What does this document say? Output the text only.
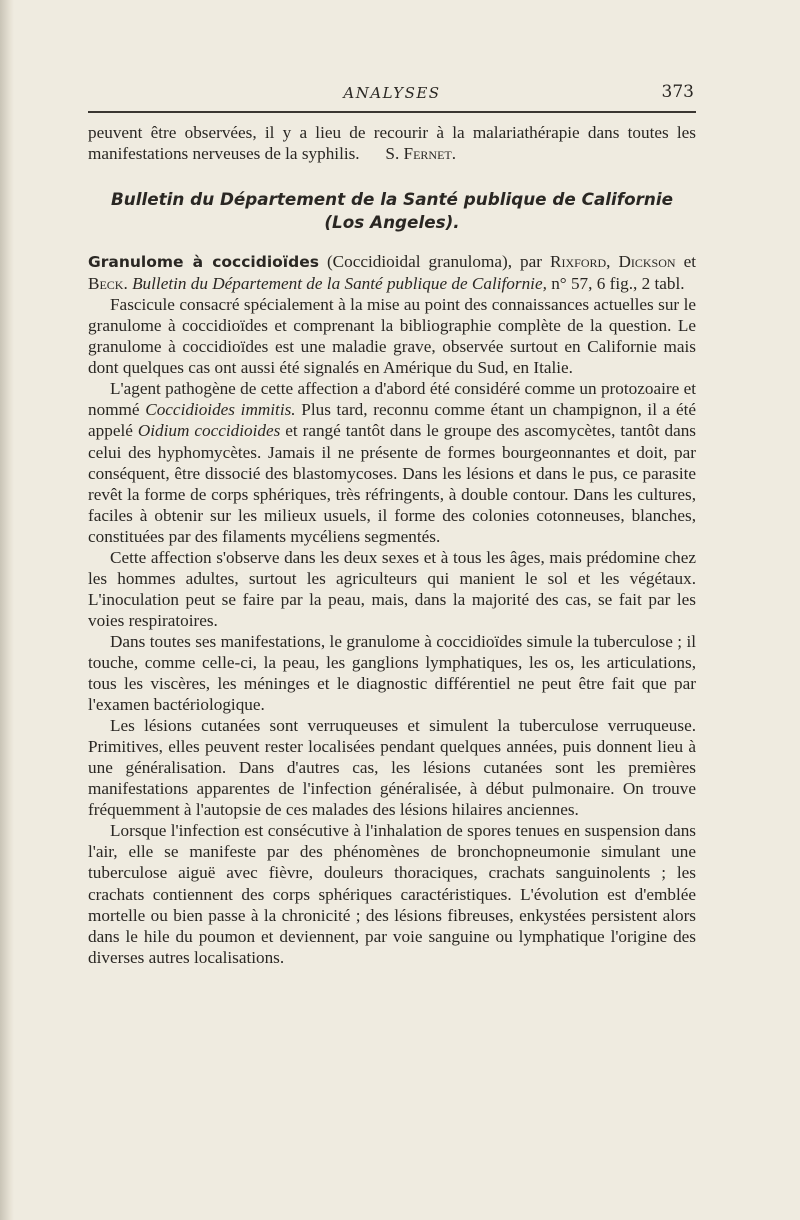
ANALYSES	373

peuvent être observées, il y a lieu de recourir à la malariathérapie dans toutes les manifestations nerveuses de la syphilis. S. Fernet.

Bulletin du Département de la Santé publique de Californie
(Los Angeles).

Granulome à coccidioïdes (Coccidioidal granuloma), par Rixford, Dickson et Beck. Bulletin du Département de la Santé publique de Californie, n° 57, 6 fig., 2 tabl.

Fascicule consacré spécialement à la mise au point des connaissances actuelles sur le granulome à coccidioïdes et comprenant la bibliographie complète de la question. Le granulome à coccidioïdes est une maladie grave, observée surtout en Californie mais dont quelques cas ont aussi été signalés en Amérique du Sud, en Italie.

L'agent pathogène de cette affection a d'abord été considéré comme un protozoaire et nommé Coccidioides immitis. Plus tard, reconnu comme étant un champignon, il a été appelé Oidium coccidioides et rangé tantôt dans le groupe des ascomycètes, tantôt dans celui des hyphomycètes. Jamais il ne présente de formes bourgeonnantes et doit, par conséquent, être dissocié des blastomycoses. Dans les lésions et dans le pus, ce parasite revêt la forme de corps sphériques, très réfringents, à double contour. Dans les cultures, faciles à obtenir sur les milieux usuels, il forme des colonies cotonneuses, blanches, constituées par des filaments mycéliens segmentés.

Cette affection s'observe dans les deux sexes et à tous les âges, mais prédomine chez les hommes adultes, surtout les agriculteurs qui manient le sol et les végétaux. L'inoculation peut se faire par la peau, mais, dans la majorité des cas, se fait par les voies respiratoires.

Dans toutes ses manifestations, le granulome à coccidioïdes simule la tuberculose ; il touche, comme celle-ci, la peau, les ganglions lymphatiques, les os, les articulations, tous les viscères, les méninges et le diagnostic différentiel ne peut être fait que par l'examen bactériologique.

Les lésions cutanées sont verruqueuses et simulent la tuberculose verruqueuse. Primitives, elles peuvent rester localisées pendant quelques années, puis donnent lieu à une généralisation. Dans d'autres cas, les lésions cutanées sont les premières manifestations apparentes de l'infection généralisée, à début pulmonaire. On trouve fréquemment à l'autopsie de ces malades des lésions hilaires anciennes.

Lorsque l'infection est consécutive à l'inhalation de spores tenues en suspension dans l'air, elle se manifeste par des phénomènes de bronchopneumonie simulant une tuberculose aiguë avec fièvre, douleurs thoraciques, crachats sanguinolents ; les crachats contiennent des corps sphériques caractéristiques. L'évolution est d'emblée mortelle ou bien passe à la chronicité ; des lésions fibreuses, enkystées persistent alors dans le hile du poumon et deviennent, par voie sanguine ou lymphatique l'origine des diverses autres localisations.
